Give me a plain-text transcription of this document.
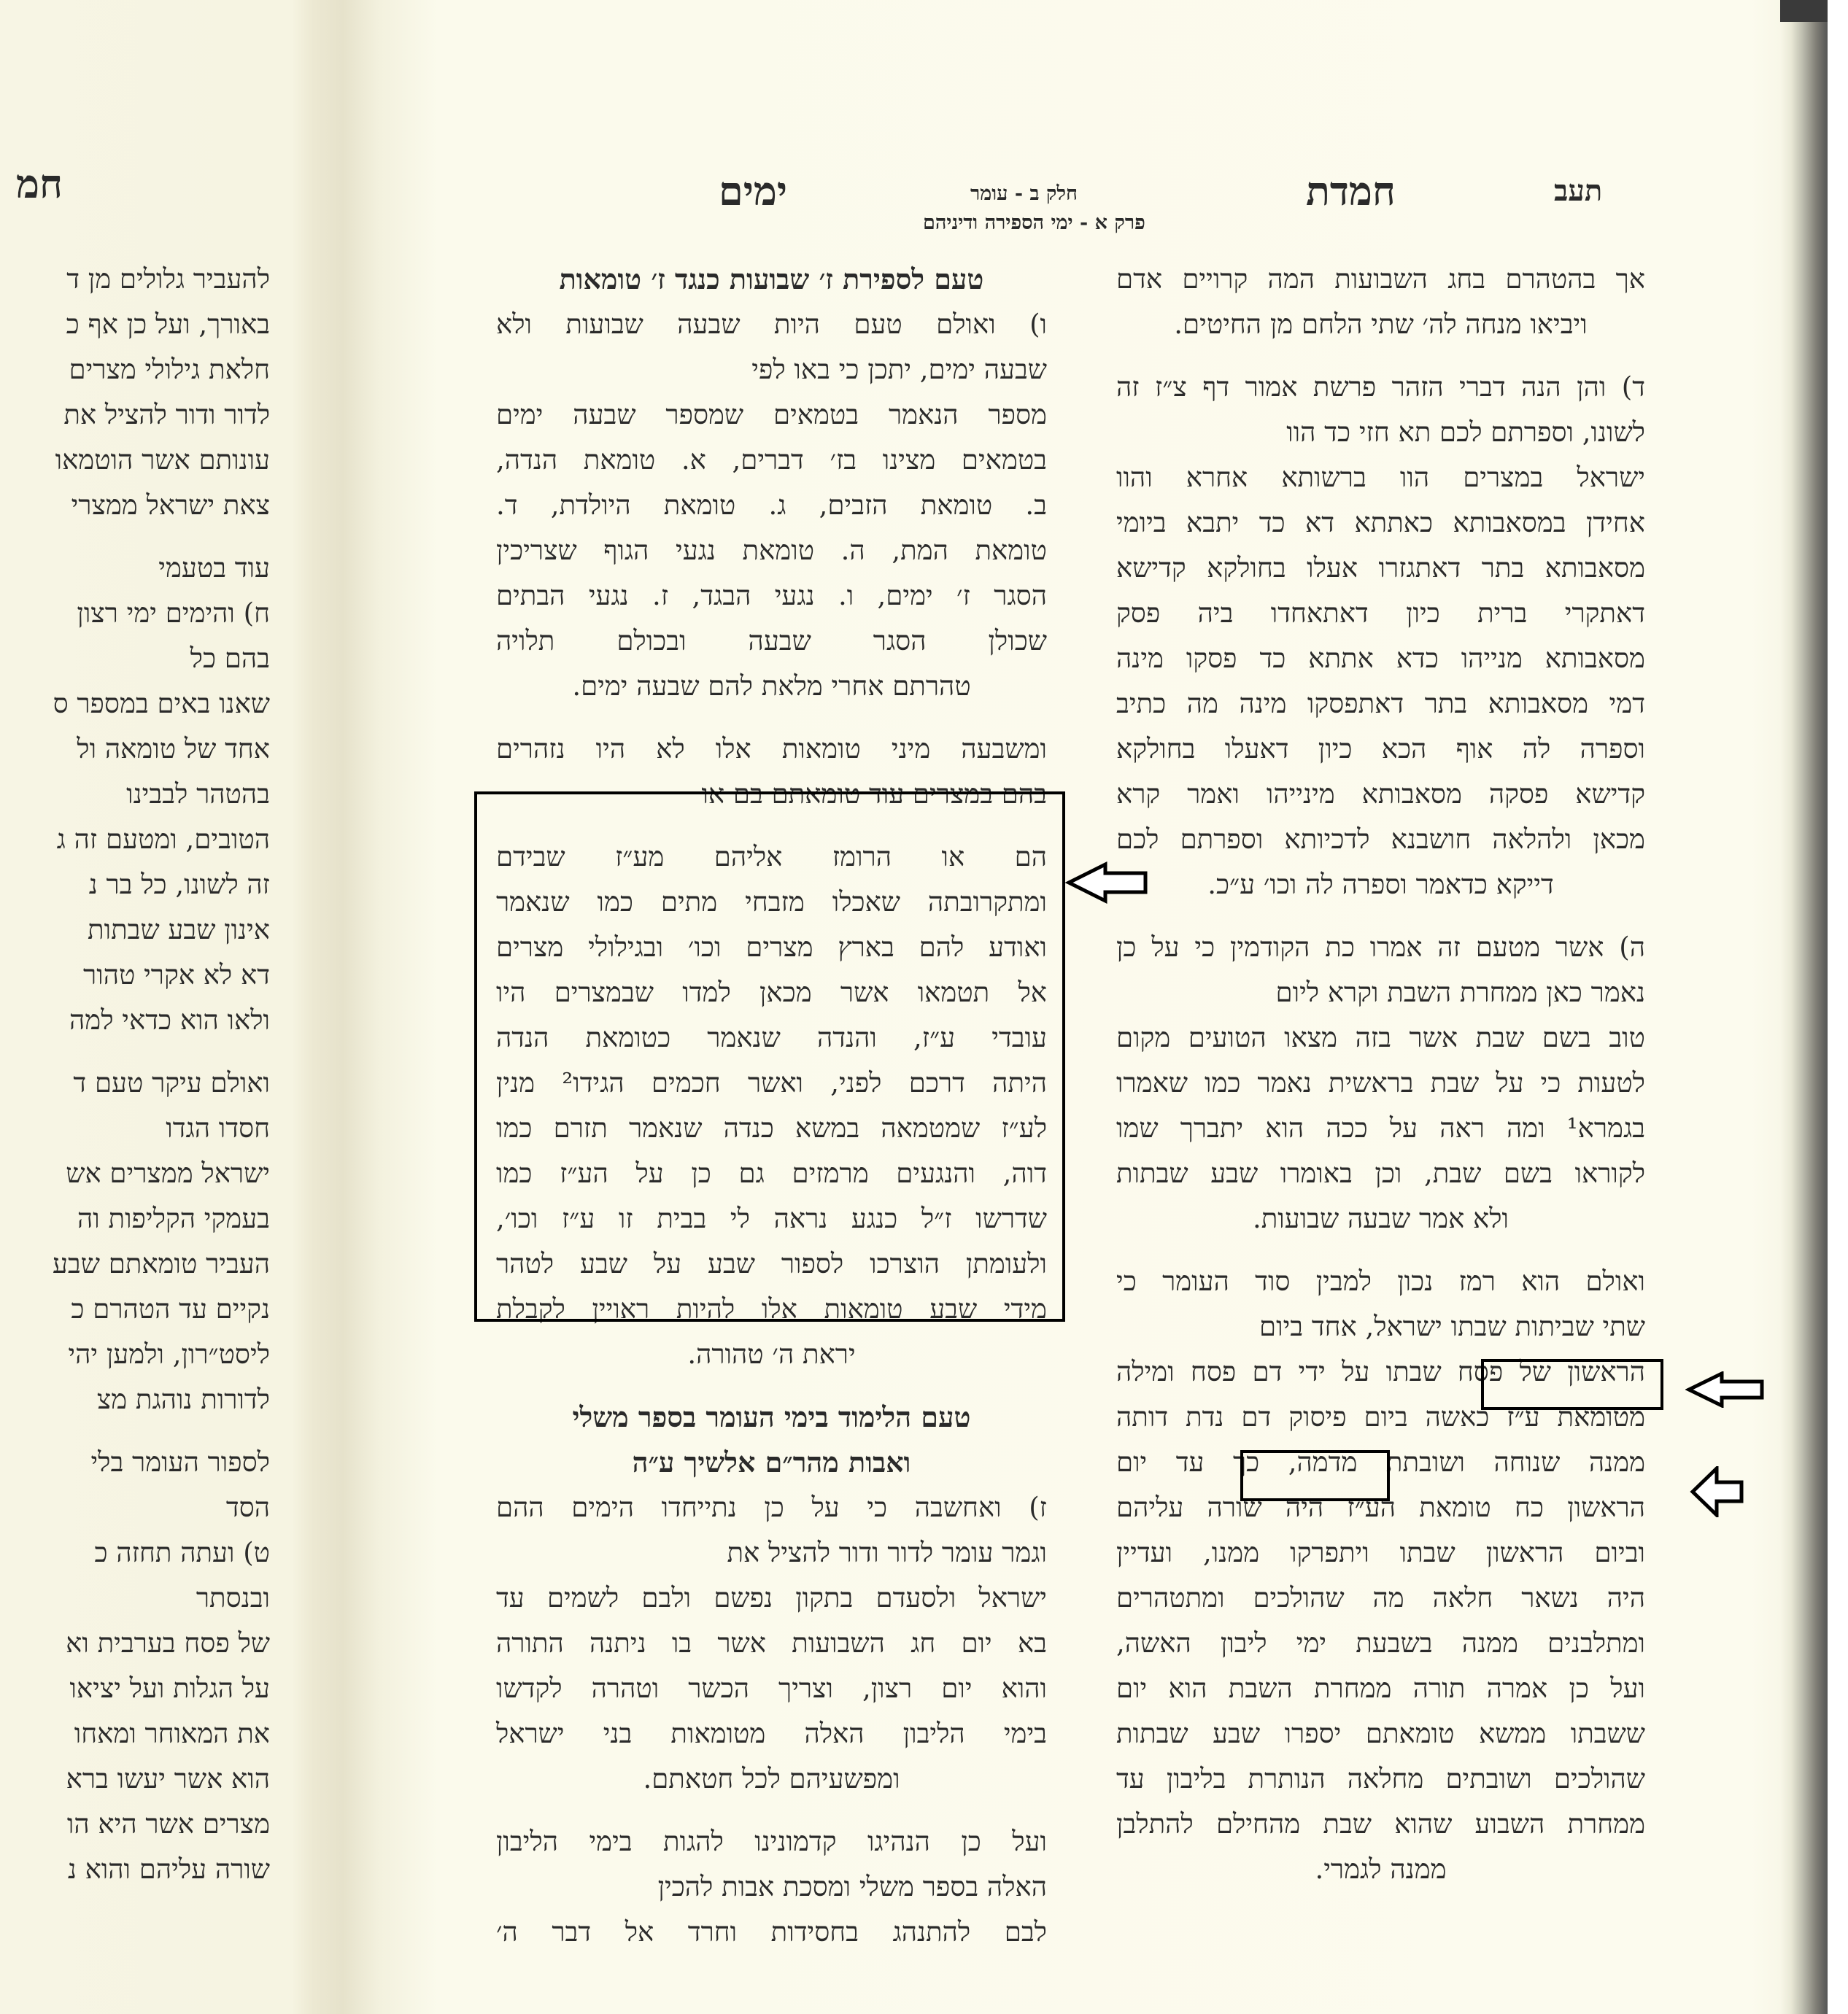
תעב
חמדת
חלק ב - עומר
פרק א - ימי הספירה ודיניהם
ימים
חמ
אך בהטהרם בחג השבועות המה קרויים אדם
ויביאו מנחה לה׳ שתי הלחם מן החיטים.
ד) והן הנה דברי הזהר פרשת אמור דף צ״ז זה
לשונו, וספרתם לכם תא חזי כד הוו
ישראל במצרים הוו ברשותא אחרא והוו
אחידן במסאבותא כאתתא דא כד יתבא ביומי
מסאבותא בתר דאתגזרו אעלו בחולקא קדישא
דאתקרי ברית כיון דאתאחדו ביה פסק
מסאבותא מנייהו כדא אתתא כד פסקו מינה
דמי מסאבותא בתר דאתפסקו מינה מה כתיב
וספרה לה אוף הכא כיון דאעלו בחולקא
קדישא פסקה מסאבותא מינייהו ואמר קרא
מכאן ולהלאה חושבנא לדכיותא וספרתם לכם
דייקא כדאמר וספרה לה וכו׳ ע״כ.
ה) אשר מטעם זה אמרו כת הקודמין כי על כן
נאמר כאן ממחרת השבת וקרא ליום
טוב בשם שבת אשר בזה מצאו הטועים מקום
לטעות כי על שבת בראשית נאמר כמו שאמרו
בגמרא¹ ומה ראה על ככה הוא יתברך שמו
לקוראו בשם שבת, וכן באומרו שבע שבתות
ולא אמר שבעה שבועות.
ואולם הוא רמז נכון למבין סוד העומר כי
שתי שביתות שבתו ישראל, אחד ביום
הראשון של פסח שבתו על ידי דם פסח ומילה
מטומאת ע״ז כאשה ביום פיסוק דם נדת דותה
ממנה שנוחה ושובתת מדמה, כך עד יום
הראשון כח טומאת הע״ז היה שורה עליהם
וביום הראשון שבתו ויתפרקו ממנו, ועדיין
היה נשאר חלאה מה שהולכים ומתטהרים
ומתלבנים ממנה בשבעת ימי ליבון האשה,
ועל כן אמרה תורה ממחרת השבת הוא יום
ששבתו ממשא טומאתם יספרו שבע שבתות
שהולכים ושובתים מחלאה הנותרת בליבון עד
ממחרת השבוע שהוא שבת מהחילם להתלבן
ממנה לגמרי.
טעם לספירת ז׳ שבועות כנגד ז׳ טומאות
ו) ואולם טעם היות שבעה שבועות ולא
שבעה ימים, יתכן כי באו לפי
מספר הנאמר בטמאים שמספר שבעה ימים
בטמאים מצינו בז׳ דברים, א. טומאת הנדה,
ב. טומאת הזבים, ג. טומאת היולדת, ד.
טומאת המת, ה. טומאת נגעי הגוף שצריכין
הסגר ז׳ ימים, ו. נגעי הבגד, ז. נגעי הבתים
שכולן הסגר שבעה ובכולם תלויה
טהרתם אחרי מלאת להם שבעה ימים.
ומשבעה מיני טומאות אלו לא היו נזהרים
בהם במצרים עוד טומאתם בם או
הם או הרומז אליהם מע״ז שבידם
ומתקרובתה שאכלו מזבחי מתים כמו שנאמר
ואודע להם בארץ מצרים וכו׳ ובגילולי מצרים
אל תטמאו אשר מכאן למדו שבמצרים היו
עובדי ע״ז, והנדה שנאמר כטומאת הנדה
היתה דרכם לפני, ואשר חכמים הגידו² מנין
לע״ז שמטמאה במשא כנדה שנאמר תזרם כמו
דוה, והנגעים מרמזים גם כן על הע״ז כמו
שדרשו ז״ל כנגע נראה לי בבית זו ע״ז וכו׳,
ולעומתן הוצרכו לספור שבע על שבע לטהר
מידי שבע טומאות אלו להיות ראויין לקבלת
יראת ה׳ טהורה.
טעם הלימוד בימי העומר בספר משלי
ואבות מהר״ם אלשיך ע״ה
ז) ואחשבה כי על כן נתייחדו הימים ההם
וגמר עומר לדור ודור להציל את
ישראל ולסעדם בתקון נפשם ולבם לשמים עד
בא יום חג השבועות אשר בו ניתנה התורה
והוא יום רצון, וצריך הכשר וטהרה לקדשו
בימי הליבון האלה מטומאות בני ישראל
ומפשעיהם לכל חטאתם.
ועל כן הנהיגו קדמונינו להגות בימי הליבון
האלה בספר משלי ומסכת אבות להכין
לבם להתנהג בחסידות וחרד אל דבר ה׳
להעביר גלולים מן ד
באורך, ועל כן אף כ
חלאת גילולי מצרים
לדור ודור להציל את
עונותם אשר הוטמאו
צאת ישראל ממצרי
עוד בטעמי
ח) והימים ימי רצון
בהם כל
שאנו באים במספר ס
אחד של טומאה ול
בהטהר לבבינו
הטובים, ומטעם זה ג
זה לשונו, כל בר נ
אינון שבע שבתות
דא לא אקרי טהור
ולאו הוא כדאי למה
ואולם עיקר טעם ד
חסדו הגדו
ישראל ממצרים אש
בעמקי הקליפות וה
העביר טומאתם שבע
נקיים עד הטהרם כ
ליסט״רון, ולמען יהי
לדורות נוהגת מצ
לספור העומר בלי
הסד
ט) ועתה תחזה כ
ובנסתר
של פסח בערבית וא
על הגלות ועל יציאו
את המאוחר ומאחו
הוא אשר יעשו ברא
מצרים אשר היא הו
שורה עליהם והוא נ
